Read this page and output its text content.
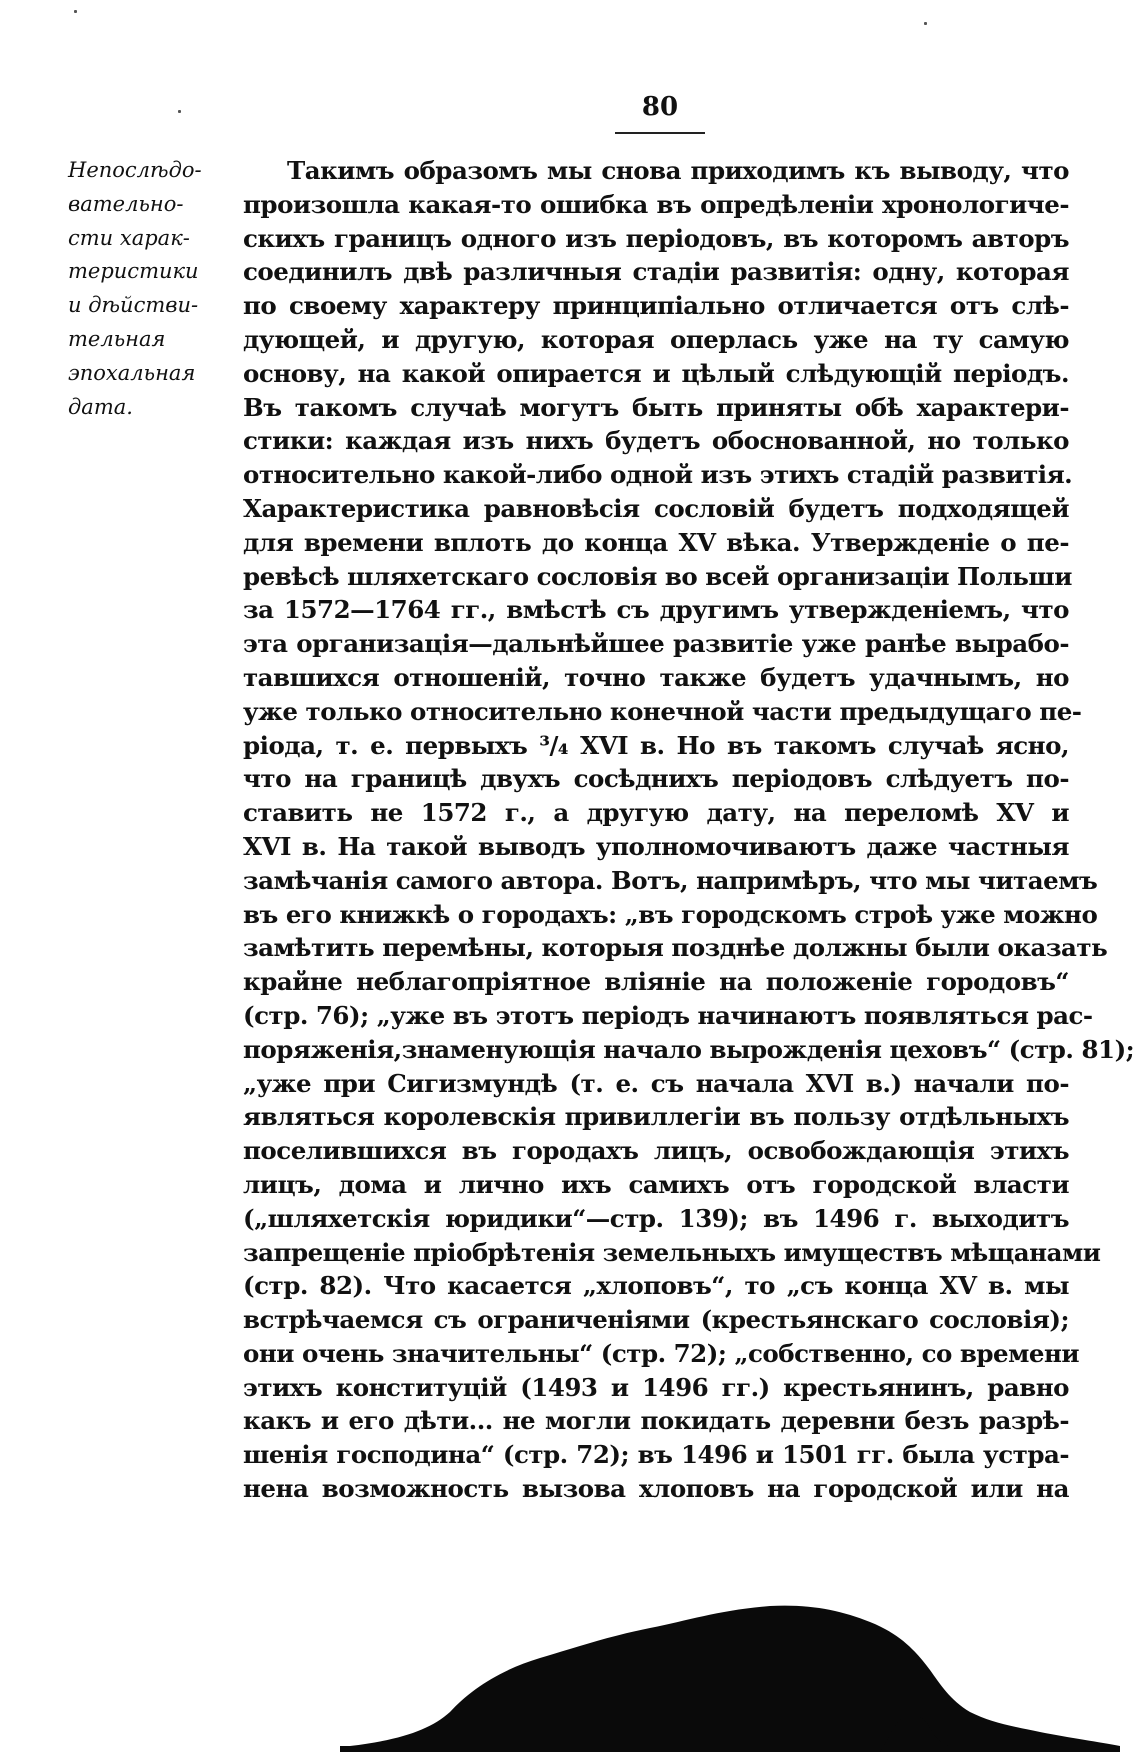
80
Непослѣдо-
вательно-
сти харак-
теристики
и дѣйстви-
тельная
эпохальная
дата.
Такимъ образомъ мы снова приходимъ къ выводу, что
произошла какая-то ошибка въ опредѣленіи хронологиче-
скихъ границъ одного изъ періодовъ, въ которомъ авторъ
соединилъ двѣ различныя стадіи развитія: одну, которая
по своему характеру принципіально отличается отъ слѣ-
дующей, и другую, которая оперлась уже на ту самую
основу, на какой опирается и цѣлый слѣдующій періодъ.
Въ такомъ случаѣ могутъ быть приняты обѣ характери-
стики: каждая изъ нихъ будетъ обоснованной, но только
относительно какой-либо одной изъ этихъ стадій развитія.
Характеристика равновѣсія сословій будетъ подходящей
для времени вплоть до конца XV вѣка. Утвержденіе о пе-
ревѣсѣ шляхетскаго сословія во всей организаціи Польши
за 1572—1764 гг., вмѣстѣ съ другимъ утвержденіемъ, что
эта организація—дальнѣйшее развитіе уже ранѣе вырабо-
тавшихся отношеній, точно также будетъ удачнымъ, но
уже только относительно конечной части предыдущаго пе-
ріода, т. е. первыхъ ³/₄ XVI в. Но въ такомъ случаѣ ясно,
что на границѣ двухъ сосѣднихъ періодовъ слѣдуетъ по-
ставить не 1572 г., а другую дату, на переломѣ XV и
XVI в. На такой выводъ уполномочиваютъ даже частныя
замѣчанія самого автора. Вотъ, напримѣръ, что мы читаемъ
въ его книжкѣ о городахъ: „въ городскомъ строѣ уже можно
замѣтить перемѣны, которыя позднѣе должны были оказать
крайне неблагопріятное вліяніе на положеніе городовъ“
(стр. 76); „уже въ этотъ періодъ начинаютъ появляться рас-
поряженія,знаменующія начало вырожденія цеховъ“ (стр. 81);
„уже при Сигизмундѣ (т. е. съ начала XVI в.) начали по-
являться королевскія привиллегіи въ пользу отдѣльныхъ
поселившихся въ городахъ лицъ, освобождающія этихъ
лицъ, дома и лично ихъ самихъ отъ городской власти
(„шляхетскія юридики“—стр. 139); въ 1496 г. выходитъ
запрещеніе пріобрѣтенія земельныхъ имуществъ мѣщанами
(стр. 82). Что касается „хлоповъ“, то „съ конца XV в. мы
встрѣчаемся съ ограниченіями (крестьянскаго сословія);
они очень значительны“ (стр. 72); „собственно, со времени
этихъ конституцій (1493 и 1496 гг.) крестьянинъ, равно
какъ и его дѣти... не могли покидать деревни безъ разрѣ-
шенія господина“ (стр. 72); въ 1496 и 1501 гг. была устра-
нена возможность вызова хлоповъ на городской или на
